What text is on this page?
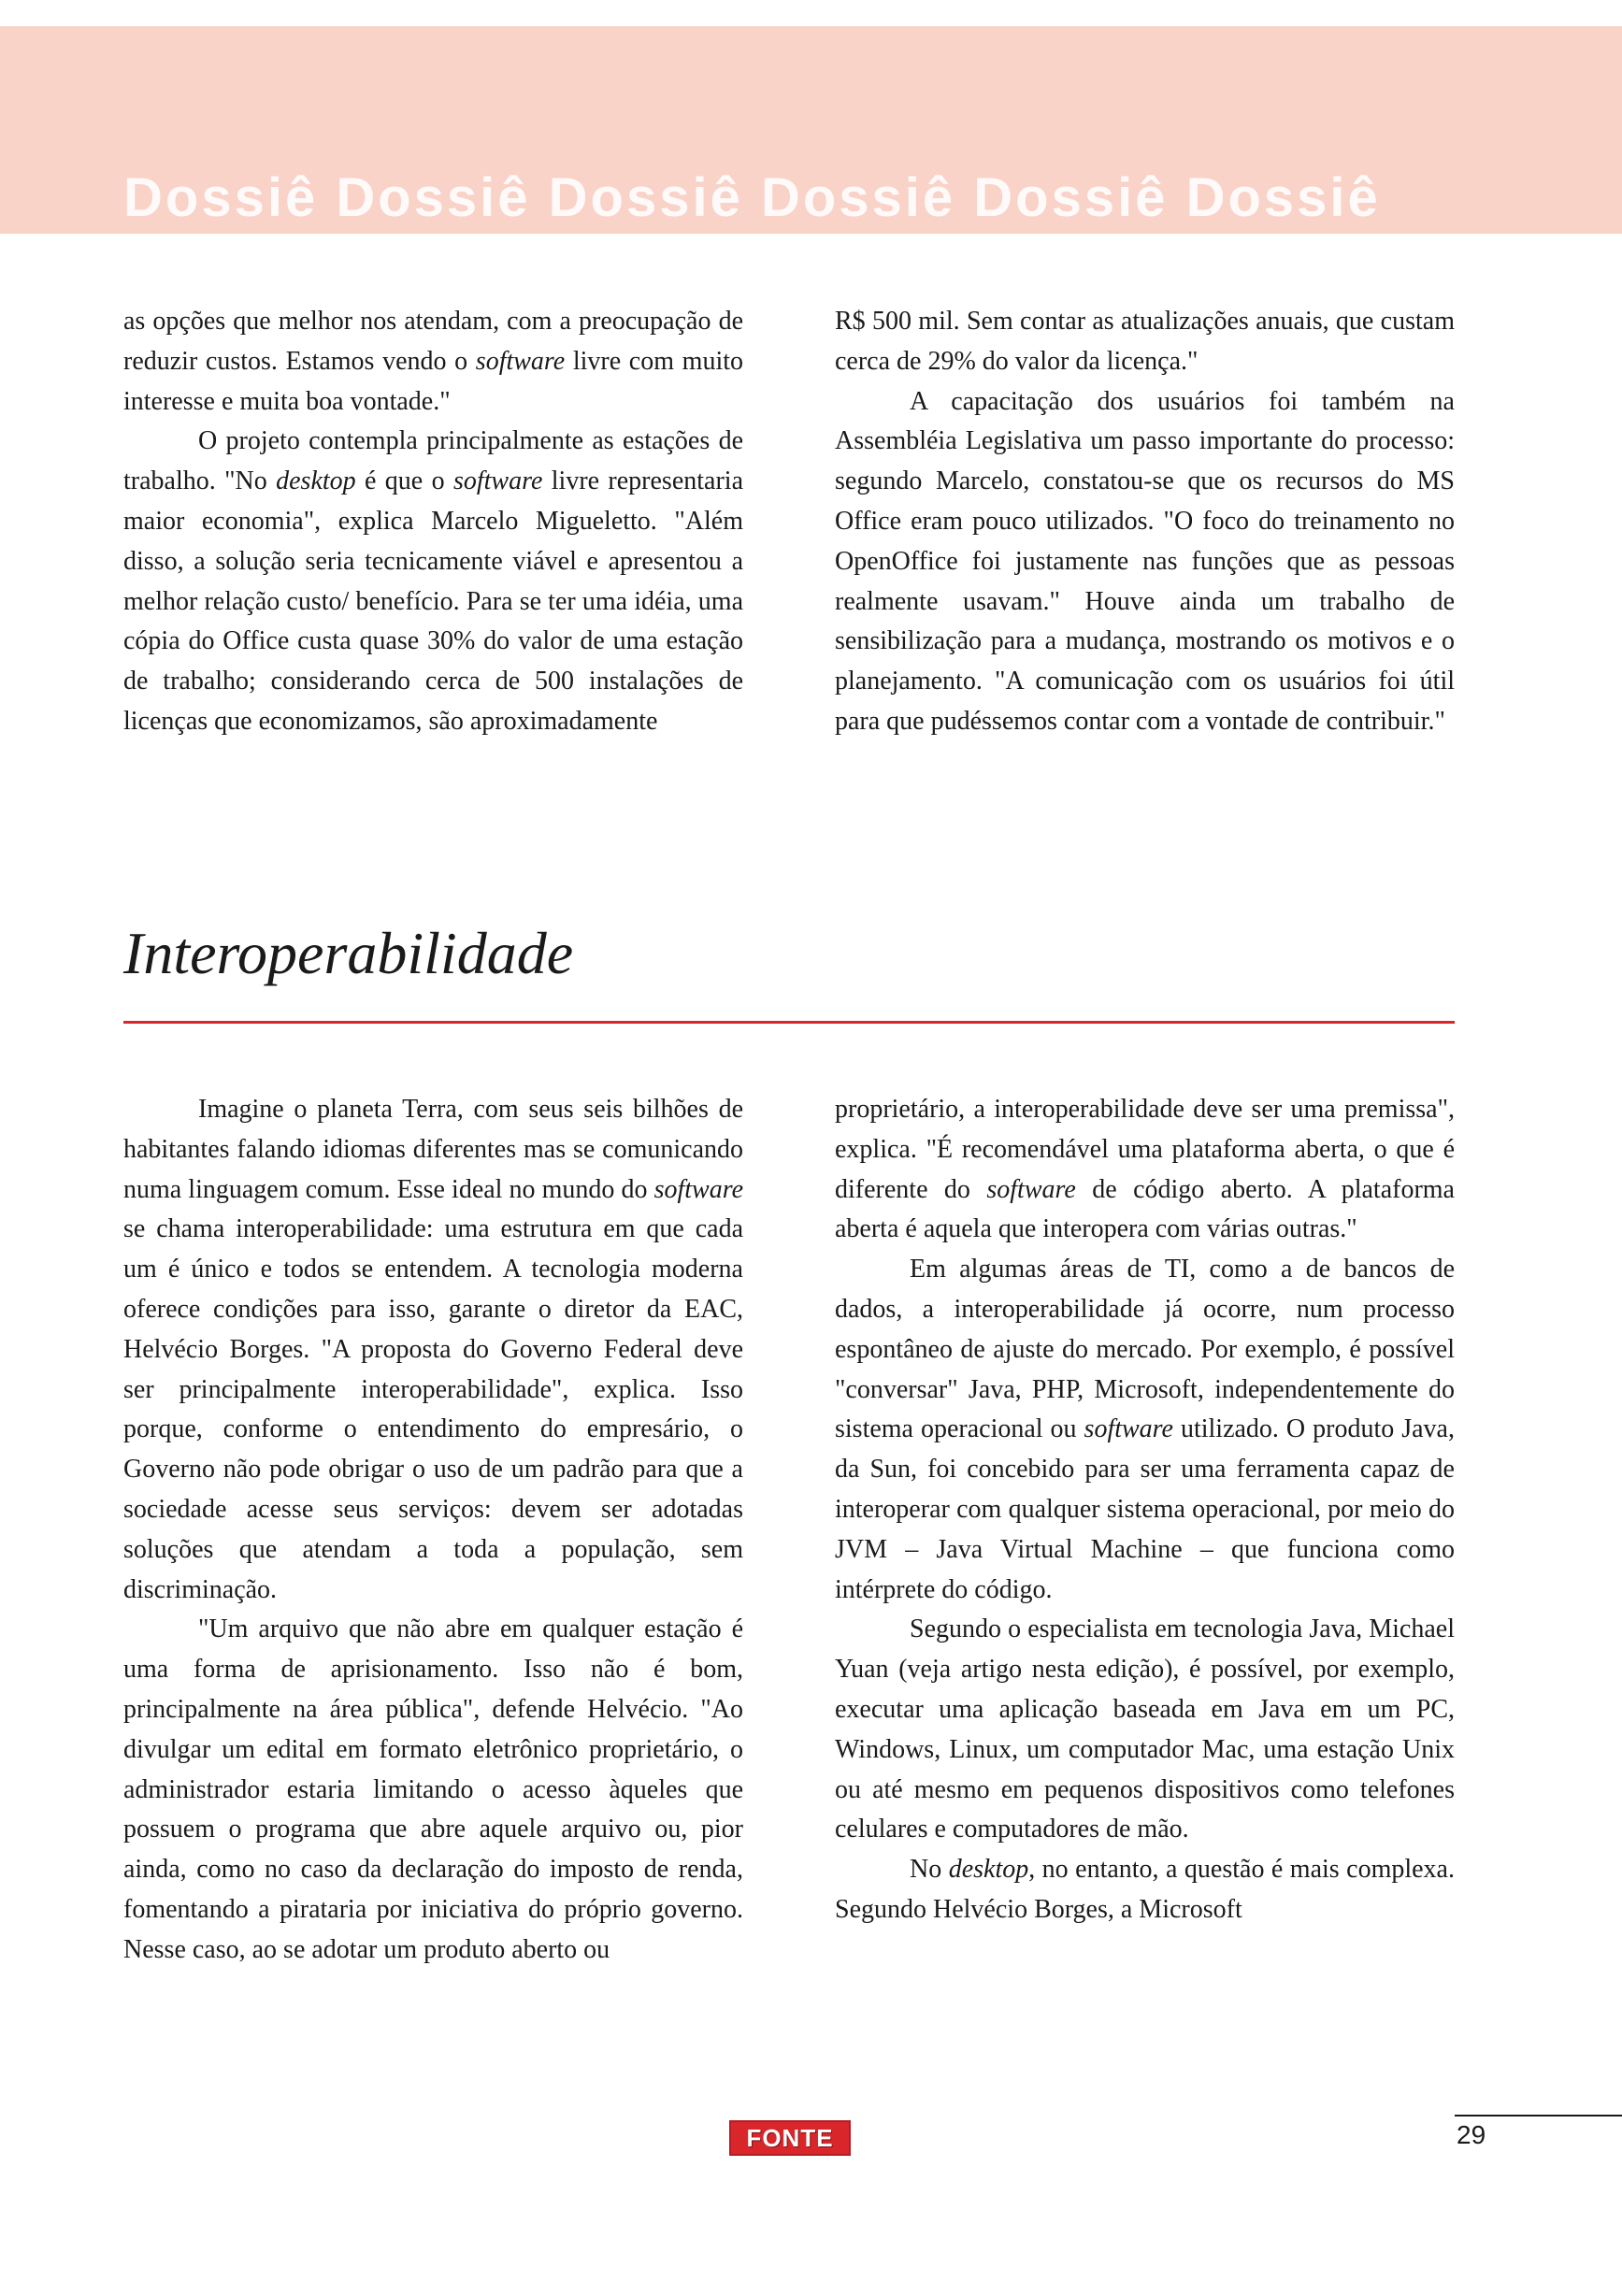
Dossiê Dossiê Dossiê Dossiê Dossiê Dossiê

as opções que melhor nos atendam, com a preocupação de reduzir custos. Estamos vendo o software livre com muito interesse e muita boa vontade."

O projeto contempla principalmente as estações de trabalho. "No desktop é que o software livre representaria maior economia", explica Marcelo Migueletto. "Além disso, a solução seria tecnicamente viável e apresentou a melhor relação custo/ benefício. Para se ter uma idéia, uma cópia do Office custa quase 30% do valor de uma estação de trabalho; considerando cerca de 500 instalações de licenças que economizamos, são aproximadamente

R$ 500 mil. Sem contar as atualizações anuais, que custam cerca de 29% do valor da licença."

A capacitação dos usuários foi também na Assembléia Legislativa um passo importante do processo: segundo Marcelo, constatou-se que os recursos do MS Office eram pouco utilizados. "O foco do treinamento no OpenOffice foi justamente nas funções que as pessoas realmente usavam." Houve ainda um trabalho de sensibilização para a mudança, mostrando os motivos e o planejamento. "A comunicação com os usuários foi útil para que pudéssemos contar com a vontade de contribuir."

Interoperabilidade

Imagine o planeta Terra, com seus seis bilhões de habitantes falando idiomas diferentes mas se comunicando numa linguagem comum. Esse ideal no mundo do software se chama interoperabilidade: uma estrutura em que cada um é único e todos se entendem. A tecnologia moderna oferece condições para isso, garante o diretor da EAC, Helvécio Borges. "A proposta do Governo Federal deve ser principalmente interoperabilidade", explica. Isso porque, conforme o entendimento do empresário, o Governo não pode obrigar o uso de um padrão para que a sociedade acesse seus serviços: devem ser adotadas soluções que atendam a toda a população, sem discriminação.

"Um arquivo que não abre em qualquer estação é uma forma de aprisionamento. Isso não é bom, principalmente na área pública", defende Helvécio. "Ao divulgar um edital em formato eletrônico proprietário, o administrador estaria limitando o acesso àqueles que possuem o programa que abre aquele arquivo ou, pior ainda, como no caso da declaração do imposto de renda, fomentando a pirataria por iniciativa do próprio governo. Nesse caso, ao se adotar um produto aberto ou

proprietário, a interoperabilidade deve ser uma premissa", explica. "É recomendável uma plataforma aberta, o que é diferente do software de código aberto. A plataforma aberta é aquela que interopera com várias outras."

Em algumas áreas de TI, como a de bancos de dados, a interoperabilidade já ocorre, num processo espontâneo de ajuste do mercado. Por exemplo, é possível "conversar" Java, PHP, Microsoft, independentemente do sistema operacional ou software utilizado. O produto Java, da Sun, foi concebido para ser uma ferramenta capaz de interoperar com qualquer sistema operacional, por meio do JVM – Java Virtual Machine – que funciona como intérprete do código.

Segundo o especialista em tecnologia Java, Michael Yuan (veja artigo nesta edição), é possível, por exemplo, executar uma aplicação baseada em Java em um PC, Windows, Linux, um computador Mac, uma estação Unix ou até mesmo em pequenos dispositivos como telefones celulares e computadores de mão.

No desktop, no entanto, a questão é mais complexa. Segundo Helvécio Borges, a Microsoft

FONTE	29
